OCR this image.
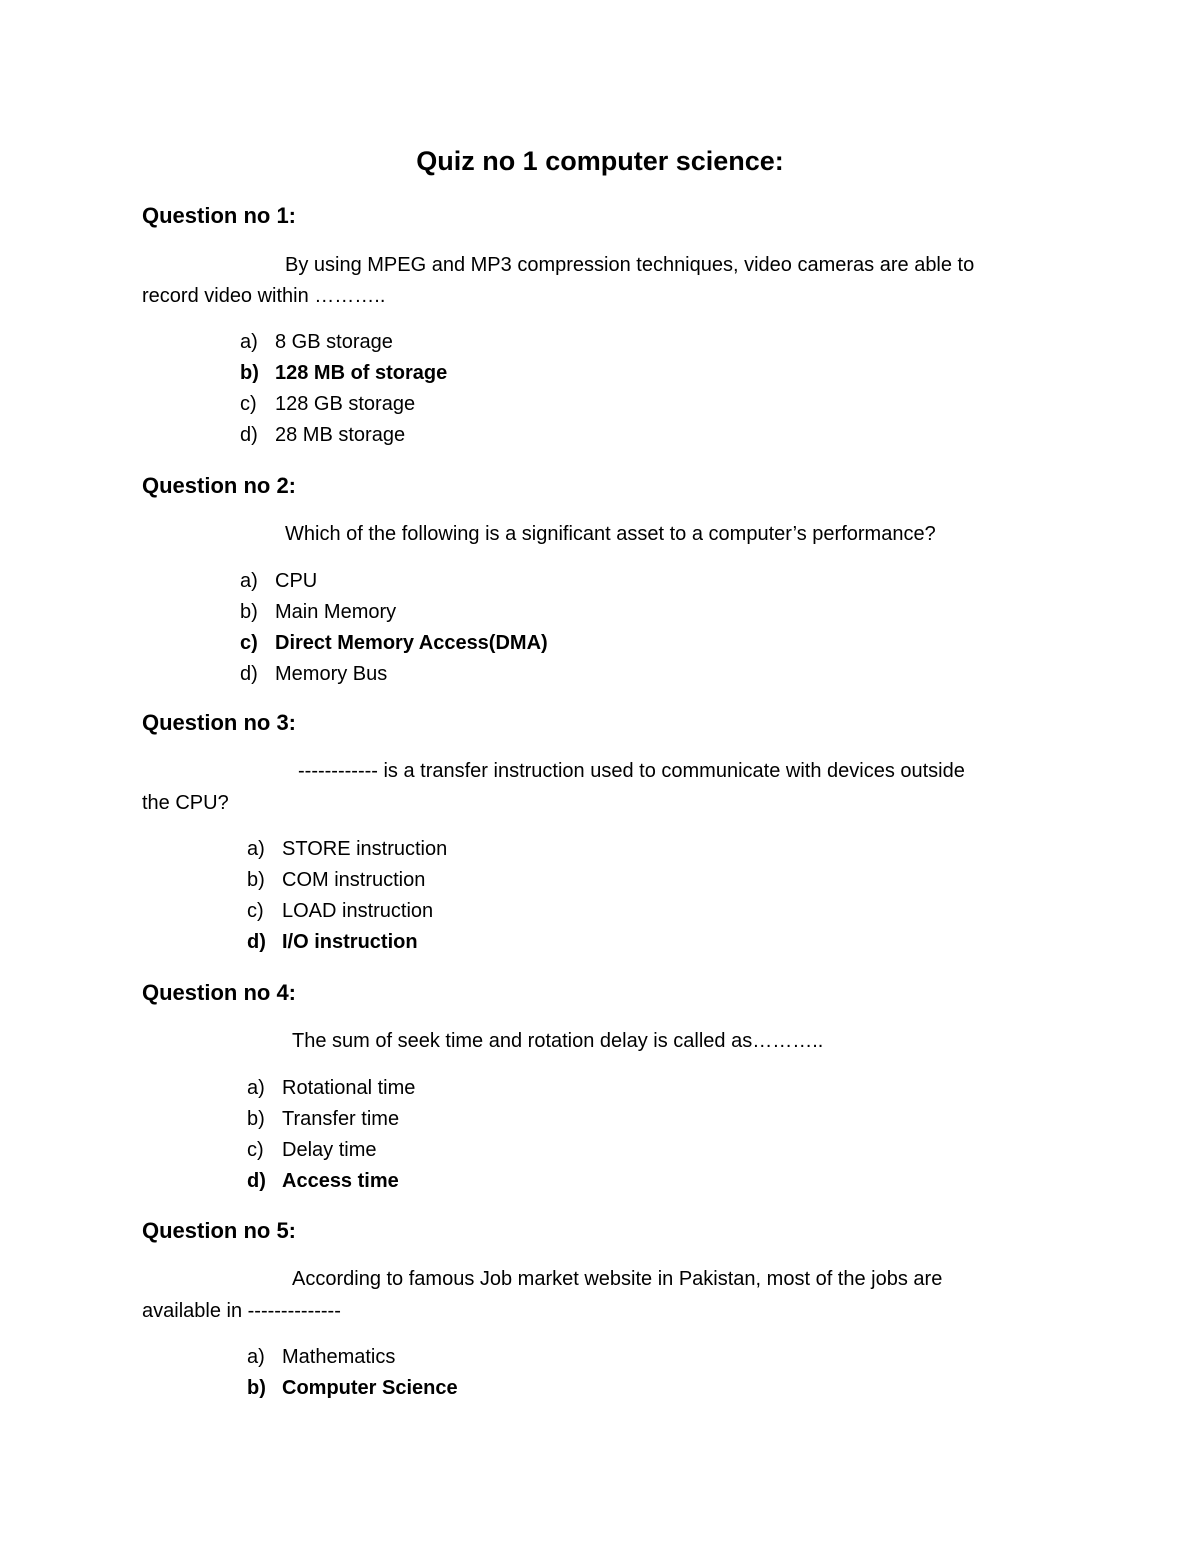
Quiz no 1 computer science:
Question no 1:
By using MPEG and MP3 compression techniques, video cameras are able to
record video within ………..
a) 8 GB storage
b) 128 MB of storage
c) 128 GB storage
d) 28 MB storage
Question no 2:
Which of the following is a significant asset to a computer’s performance?
a) CPU
b) Main Memory
c) Direct Memory Access(DMA)
d) Memory Bus
Question no 3:
------------ is a transfer instruction used to communicate with devices outside
the CPU?
a) STORE instruction
b) COM instruction
c) LOAD instruction
d) I/O instruction
Question no 4:
The sum of seek time and rotation delay is called as………..
a) Rotational time
b) Transfer time
c) Delay time
d) Access time
Question no 5:
According to famous Job market website in Pakistan, most of the jobs are
available in --------------
a) Mathematics
b) Computer Science
